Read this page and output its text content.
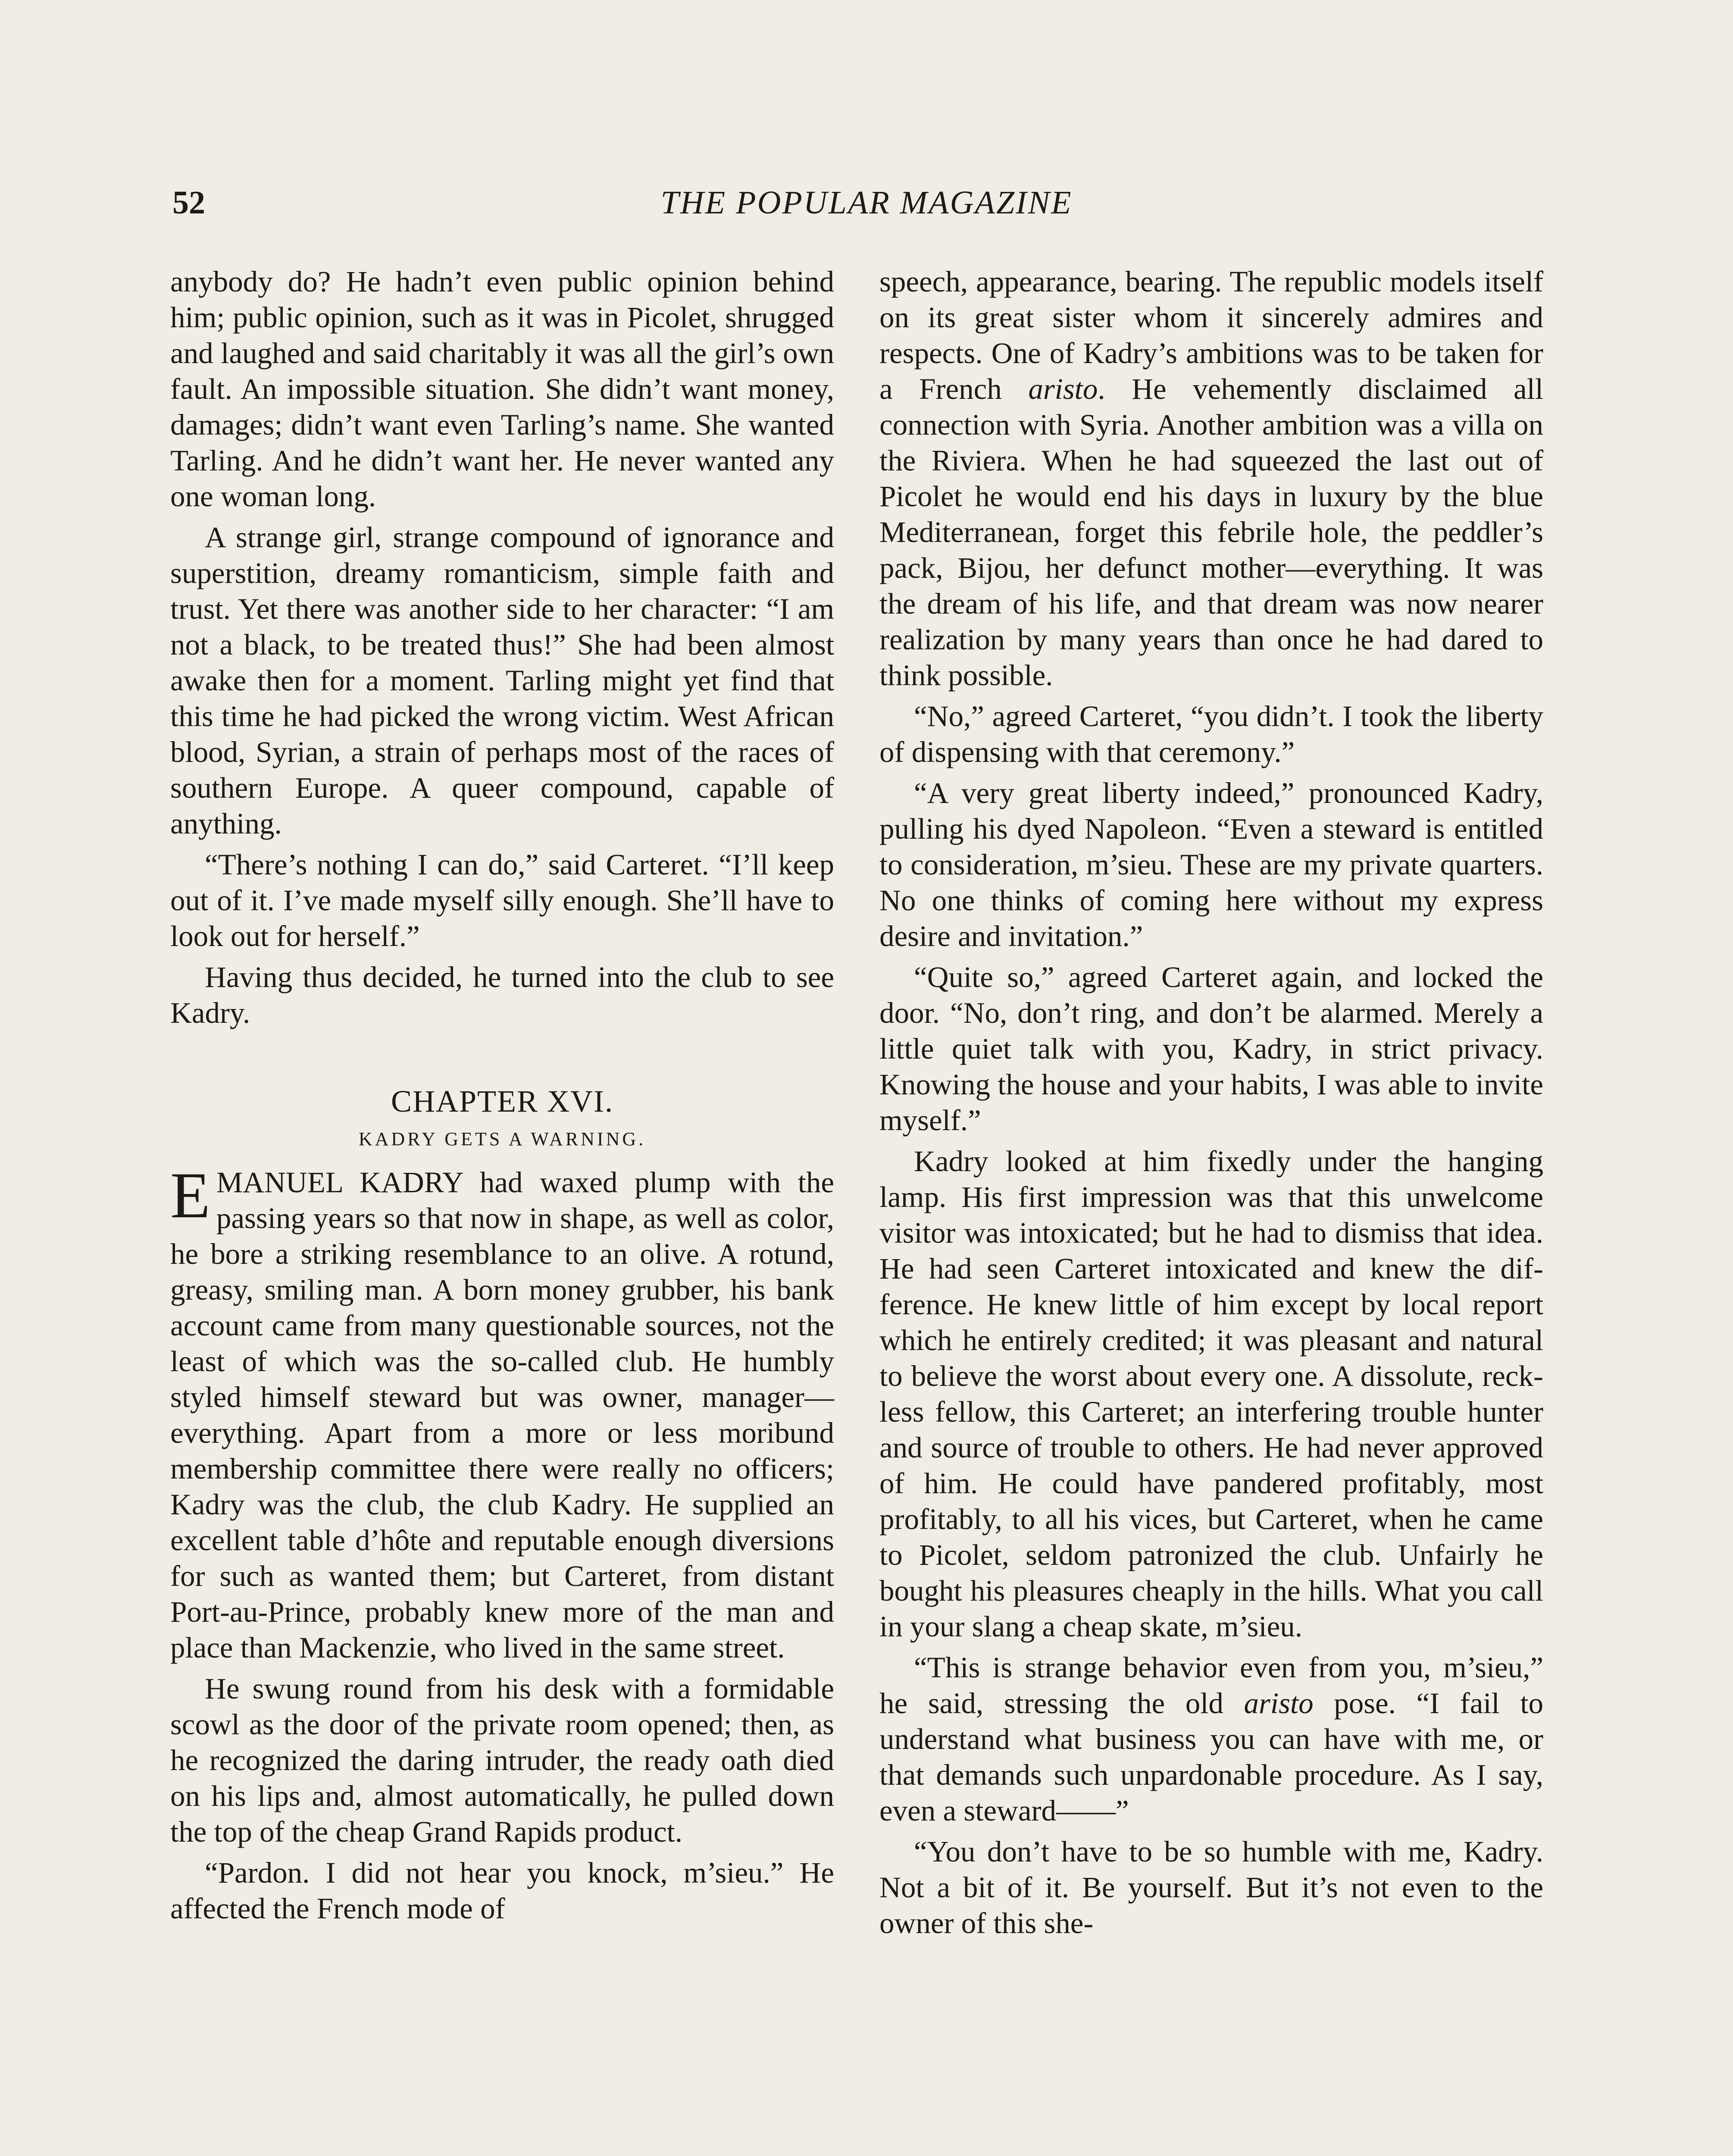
52	THE POPULAR MAGAZINE

anybody do? He hadn’t even public opinion behind him; public opinion, such as it was in Picolet, shrugged and laughed and said charitably it was all the girl’s own fault. An impossible situation. She didn’t want money, damages; didn’t want even Tarling’s name. She wanted Tarling. And he didn’t want her. He never wanted any one woman long.

A strange girl, strange compound of ignorance and superstition, dreamy romanticism, simple faith and trust. Yet there was another side to her character: “I am not a black, to be treated thus!” She had been almost awake then for a moment. Tarling might yet find that this time he had picked the wrong victim. West African blood, Syrian, a strain of perhaps most of the races of southern Europe. A queer compound, capable of anything.

“There’s nothing I can do,” said Carteret. “I’ll keep out of it. I’ve made myself silly enough. She’ll have to look out for herself.”

Having thus decided, he turned into the club to see Kadry.

CHAPTER XVI.
KADRY GETS A WARNING.

EMANUEL KADRY had waxed plump with the passing years so that now in shape, as well as color, he bore a striking resemblance to an olive. A rotund, greasy, smiling man. A born money grubber, his bank account came from many questionable sources, not the least of which was the so-called club. He humbly styled himself steward but was owner, manager—everything. Apart from a more or less moribund membership committee there were really no officers; Kadry was the club, the club Kadry. He supplied an excellent table d’hôte and reputable enough diversions for such as wanted them; but Carteret, from distant Port-au-Prince, probably knew more of the man and place than Mackenzie, who lived in the same street.

He swung round from his desk with a formidable scowl as the door of the private room opened; then, as he recognized the daring intruder, the ready oath died on his lips and, almost automatically, he pulled down the top of the cheap Grand Rapids product.

“Pardon. I did not hear you knock, m’sieu.” He affected the French mode of

speech, appearance, bearing. The republic models itself on its great sister whom it sincerely admires and respects. One of Kadry’s ambitions was to be taken for a French aristo. He vehemently disclaimed all connection with Syria. Another ambition was a villa on the Riviera. When he had squeezed the last out of Picolet he would end his days in luxury by the blue Mediterranean, forget this febrile hole, the peddler’s pack, Bijou, her defunct mother—everything. It was the dream of his life, and that dream was now nearer realization by many years than once he had dared to think possible.

“No,” agreed Carteret, “you didn’t. I took the liberty of dispensing with that ceremony.”

“A very great liberty indeed,” pronounced Kadry, pulling his dyed Napoleon. “Even a steward is entitled to consideration, m’sieu. These are my private quarters. No one thinks of coming here without my express desire and invitation.”

“Quite so,” agreed Carteret again, and locked the door. “No, don’t ring, and don’t be alarmed. Merely a little quiet talk with you, Kadry, in strict privacy. Knowing the house and your habits, I was able to invite myself.”

Kadry looked at him fixedly under the hanging lamp. His first impression was that this unwelcome visitor was intoxicated; but he had to dismiss that idea. He had seen Carteret intoxicated and knew the difference. He knew little of him except by local report which he entirely credited; it was pleasant and natural to believe the worst about every one. A dissolute, reckless fellow, this Carteret; an interfering trouble hunter and source of trouble to others. He had never approved of him. He could have pandered profitably, most profitably, to all his vices, but Carteret, when he came to Picolet, seldom patronized the club. Unfairly he bought his pleasures cheaply in the hills. What you call in your slang a cheap skate, m’sieu.

“This is strange behavior even from you, m’sieu,” he said, stressing the old aristo pose. “I fail to understand what business you can have with me, or that demands such unpardonable procedure. As I say, even a steward——”

“You don’t have to be so humble with me, Kadry. Not a bit of it. Be yourself. But it’s not even to the owner of this she-
